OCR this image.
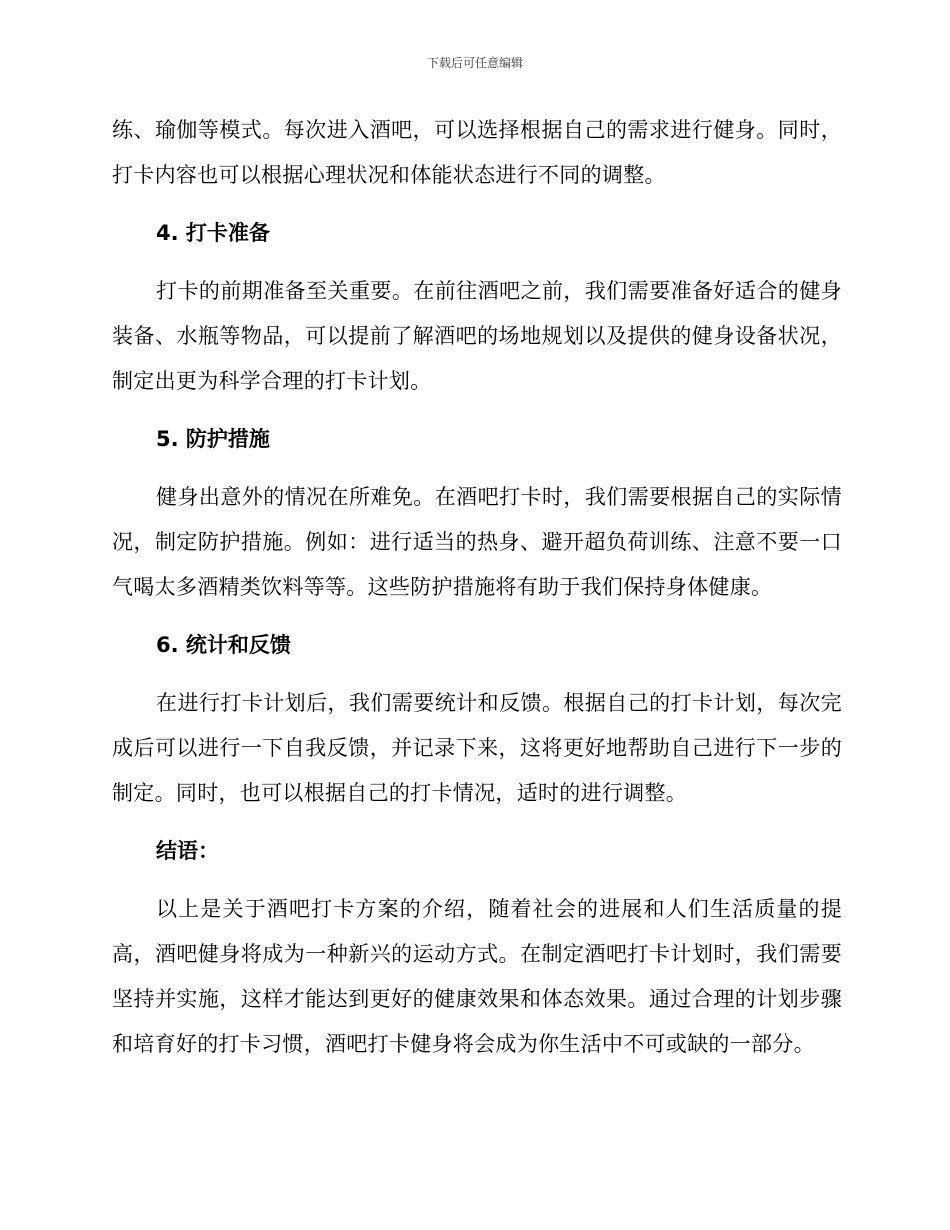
下载后可任意编辑

练、瑜伽等模式。每次进入酒吧，可以选择根据自己的需求进行健身。同时，打卡内容也可以根据心理状况和体能状态进行不同的调整。

4. 打卡准备

打卡的前期准备至关重要。在前往酒吧之前，我们需要准备好适合的健身装备、水瓶等物品，可以提前了解酒吧的场地规划以及提供的健身设备状况，制定出更为科学合理的打卡计划。

5. 防护措施

健身出意外的情况在所难免。在酒吧打卡时，我们需要根据自己的实际情况，制定防护措施。例如：进行适当的热身、避开超负荷训练、注意不要一口气喝太多酒精类饮料等等。这些防护措施将有助于我们保持身体健康。

6. 统计和反馈

在进行打卡计划后，我们需要统计和反馈。根据自己的打卡计划，每次完成后可以进行一下自我反馈，并记录下来，这将更好地帮助自己进行下一步的制定。同时，也可以根据自己的打卡情况，适时的进行调整。

结语：

以上是关于酒吧打卡方案的介绍，随着社会的进展和人们生活质量的提高，酒吧健身将成为一种新兴的运动方式。在制定酒吧打卡计划时，我们需要坚持并实施，这样才能达到更好的健康效果和体态效果。通过合理的计划步骤和培育好的打卡习惯，酒吧打卡健身将会成为你生活中不可或缺的一部分。
